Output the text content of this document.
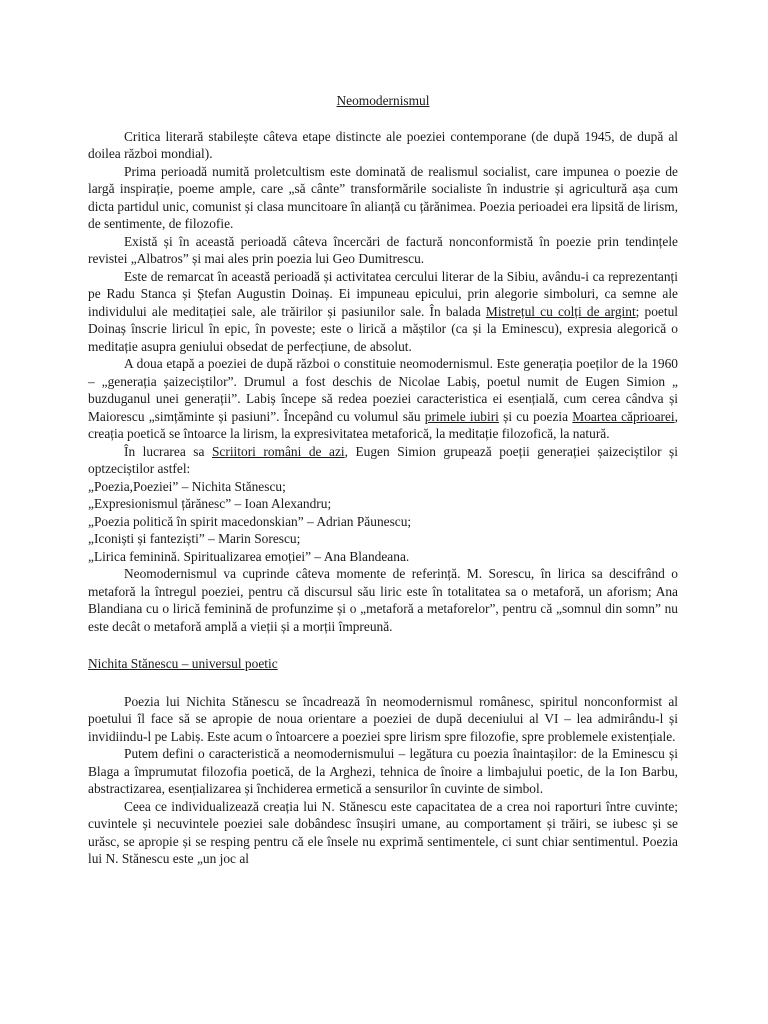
Neomodernismul

Critica literară stabilește câteva etape distincte ale poeziei contemporane (de după 1945, de după al doilea război mondial).

Prima perioadă numită proletcultism este dominată de realismul socialist, care impunea o poezie de largă inspirație, poeme ample, care „să cânte” transformările socialiste în industrie și agricultură așa cum dicta partidul unic, comunist și clasa muncitoare în alianță cu țărănimea. Poezia perioadei era lipsită de lirism, de sentimente, de filozofie.

Există și în această perioadă câteva încercări de factură nonconformistă în poezie prin tendințele revistei „Albatros” și mai ales prin poezia lui Geo Dumitrescu.

Este de remarcat în această perioadă și activitatea cercului literar de la Sibiu, avându-i ca reprezentanți pe Radu Stanca și Ștefan Augustin Doinaș. Ei impuneau epicului, prin alegorie simboluri, ca semne ale individului ale meditației sale, ale trăirilor și pasiunilor sale. În balada Mistrețul cu colți de argint; poetul Doinaș înscrie liricul în epic, în poveste; este o lirică a măștilor (ca și la Eminescu), expresia alegorică o meditație asupra geniului obsedat de perfecțiune, de absolut.

A doua etapă a poeziei de după război o constituie neomodernismul. Este generația poeților de la 1960 – „generația șaizeciștilor”. Drumul a fost deschis de Nicolae Labiș, poetul numit de Eugen Simion „ buzduganul unei generații”. Labiș începe să redea poeziei caracteristica ei esențială, cum cerea cândva și Maiorescu „simțăminte și pasiuni”. Începând cu volumul său primele iubiri și cu poezia Moartea căprioarei, creația poetică se întoarce la lirism, la expresivitatea metaforică, la meditație filozofică, la natură.

În lucrarea sa Scriitori români de azi, Eugen Simion grupează poeții generației șaizeciștilor și optzeciștilor astfel:

„Poezia,Poeziei” – Nichita Stănescu;

„Expresionismul țărănesc” – Ioan Alexandru;

„Poezia politică în spirit macedonskian” – Adrian Păunescu;

„Iconiști și fanteziști” – Marin Sorescu;

„Lirica feminină. Spiritualizarea emoției” – Ana Blandeana.

Neomodernismul va cuprinde câteva momente de referință. M. Sorescu, în lirica sa descifrând o metaforă la întregul poeziei, pentru că discursul său liric este în totalitatea sa o metaforă, un aforism; Ana Blandiana cu o lirică feminină de profunzime și o „metaforă a metaforelor”, pentru că „somnul din somn” nu este decât o metaforă amplă a vieții și a morții împreună.

Nichita Stănescu – universul poetic

Poezia lui Nichita Stănescu se încadrează în neomodernismul românesc, spiritul nonconformist al poetului îl face să se apropie de noua orientare a poeziei de după deceniului al VI – lea admirându-l și invidiindu-l pe Labiș. Este acum o întoarcere a poeziei spre lirism spre filozofie, spre problemele existențiale.

Putem defini o caracteristică a neomodernismului – legătura cu poezia înaintașilor: de la Eminescu și Blaga a împrumutat filozofia poetică, de la Arghezi, tehnica de înoire a limbajului poetic, de la Ion Barbu, abstractizarea, esențializarea și închiderea ermetică a sensurilor în cuvinte de simbol.

Ceea ce individualizează creația lui N. Stănescu este capacitatea de a crea noi raporturi între cuvinte; cuvintele și necuvintele poeziei sale dobândesc însușiri umane, au comportament și trăiri, se iubesc și se urăsc, se apropie și se resping pentru că ele însele nu exprimă sentimentele, ci sunt chiar sentimentul. Poezia lui N. Stănescu este „un joc al
